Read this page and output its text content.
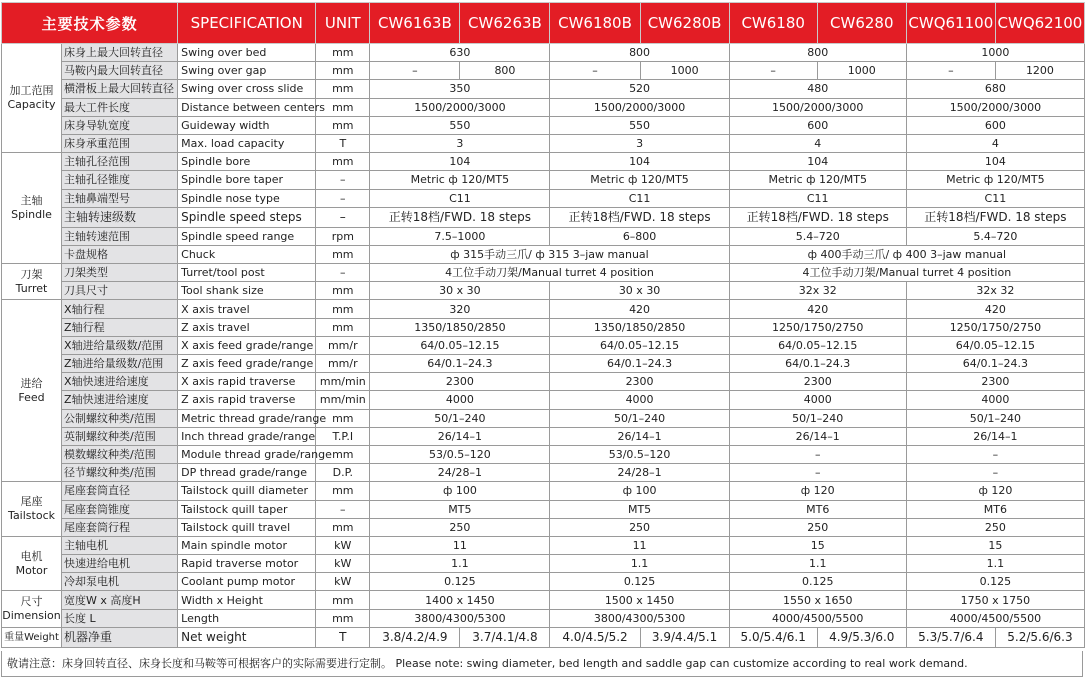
主要技术参数		SPECIFICATION	UNIT	CW6163B	CW6263B	CW6180B	CW6280B	CW6180	CW6280	CWQ61100	CWQ62100

加工范围
Capacity	床身上最大回转直径	Swing over bed	mm	630		800		800		1000	
	马鞍内最大回转直径	Swing over gap	mm	–	800	–	1000	–	1000	–	1200
	横滑板上最大回转直径	Swing over cross slide	mm	350		520		480		680	
	最大工件长度	Distance between centers	mm	1500/2000/3000		1500/2000/3000		1500/2000/3000		1500/2000/3000	
	床身导轨宽度	Guideway width	mm	550		550		600		600	
	床身承重范围	Max. load capacity	T	3		3		4		4	

主轴
Spindle	主轴孔径范围	Spindle bore	mm	104		104		104		104	
	主轴孔径锥度	Spindle bore taper	–	Metric ф 120/MT5		Metric ф 120/MT5		Metric ф 120/MT5		Metric ф 120/MT5	
	主轴鼻端型号	Spindle nose type	–	C11		C11		C11		C11	
	主轴转速级数	Spindle speed steps	–	正转18档/FWD. 18 steps		正转18档/FWD. 18 steps		正转18档/FWD. 18 steps		正转18档/FWD. 18 steps	
	主轴转速范围	Spindle speed range	rpm	7.5–1000		6–800		5.4–720		5.4–720	
	卡盘规格	Chuck	mm	ф 315手动三爪/ ф 315 3–jaw manual				ф 400手动三爪/ ф 400 3–jaw manual			

刀架
Turret	刀架类型	Turret/tool post	–	4工位手动刀架/Manual turret 4 position				4工位手动刀架/Manual turret 4 position			
	刀具尺寸	Tool shank size	mm	30 x 30		30 x 30		32x 32		32x 32	

进给
Feed	X轴行程	X axis travel	mm	320		420		420		420	
	Z轴行程	Z axis travel	mm	1350/1850/2850		1350/1850/2850		1250/1750/2750		1250/1750/2750	
	X轴进给量级数/范围	X axis feed grade/range	mm/r	64/0.05–12.15		64/0.05–12.15		64/0.05–12.15		64/0.05–12.15	
	Z轴进给量级数/范围	Z axis feed grade/range	mm/r	64/0.1–24.3		64/0.1–24.3		64/0.1–24.3		64/0.1–24.3	
	X轴快速进给速度	X axis rapid traverse	mm/min	2300		2300		2300		2300	
	Z轴快速进给速度	Z axis rapid traverse	mm/min	4000		4000		4000		4000	
	公制螺纹种类/范围	Metric thread grade/range	mm	50/1–240		50/1–240		50/1–240		50/1–240	
	英制螺纹种类/范围	Inch thread grade/range	T.P.I	26/14–1		26/14–1		26/14–1		26/14–1	
	模数螺纹种类/范围	Module thread grade/range	mm	53/0.5–120		53/0.5–120		–		–	
	径节螺纹种类/范围	DP thread grade/range	D.P.	24/28–1		24/28–1		–		–	

尾座
Tailstock	尾座套筒直径	Tailstock quill diameter	mm	ф 100		ф 100		ф 120		ф 120	
	尾座套筒锥度	Tailstock quill taper	–	MT5		MT5		MT6		MT6	
	尾座套筒行程	Tailstock quill travel	mm	250		250		250		250	

电机
Motor	主轴电机	Main spindle motor	kW	11		11		15		15	
	快速进给电机	Rapid traverse motor	kW	1.1		1.1		1.1		1.1	
	冷却泵电机	Coolant pump motor	kW	0.125		0.125		0.125		0.125	

尺寸
Dimension	宽度W x 高度H	Width x Height	mm	1400 x 1450		1500 x 1450		1550 x 1650		1750 x 1750	
	长度 L	Length	mm	3800/4300/5300		3800/4300/5300		4000/4500/5500		4000/4500/5500	
重量Weight	机器净重	Net weight	T	3.8/4.2/4.9	3.7/4.1/4.8	4.0/4.5/5.2	3.9/4.4/5.1	5.0/5.4/6.1	4.9/5.3/6.0	5.3/5.7/6.4	5.2/5.6/6.3
敬请注意：床身回转直径、床身长度和马鞍等可根据客户的实际需要进行定制。 Please note: swing diameter, bed length and saddle gap can customize according to real work demand.
